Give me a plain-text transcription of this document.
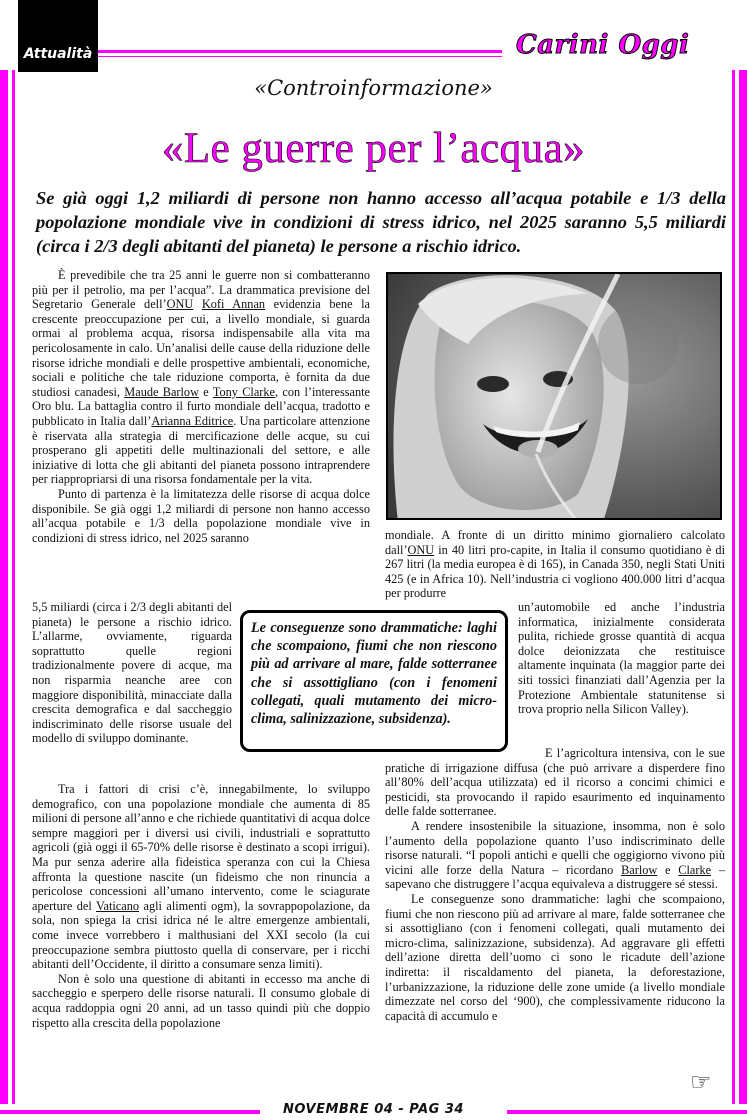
Attualità	Carini Oggi
«Controinformazione»
«Le guerre per l’acqua»
Se già oggi 1,2 miliardi di persone non hanno accesso all’acqua potabile e 1/3 della popolazione mondiale vive in condizioni di stress idrico, nel 2025 saranno 5,5 miliardi (circa i 2/3 degli abitanti del pianeta) le persone a rischio idrico.

È prevedibile che tra 25 anni le guerre non si combatteranno più per il petrolio, ma per l’acqua”. La drammatica previsione del Segretario Generale dell’ONU Kofi Annan evidenzia bene la crescente preoccupazione per cui, a livello mondiale, si guarda ormai al problema acqua, risorsa indispensabile alla vita ma pericolosamente in calo. Un’analisi delle cause della riduzione delle risorse idriche mondiali e delle prospettive ambientali, economiche, sociali e politiche che tale riduzione comporta, è fornita da due studiosi canadesi, Maude Barlow e Tony Clarke, con l’interessante Oro blu. La battaglia contro il furto mondiale dell’acqua, tradotto e pubblicato in Italia dall’Arianna Editrice. Una particolare attenzione è riservata alla strategia di mercificazione delle acque, su cui prosperano gli appetiti delle multinazionali del settore, e alle iniziative di lotta che gli abitanti del pianeta possono intraprendere per riappropriarsi di una risorsa fondamentale per la vita.

Punto di partenza è la limitatezza delle risorse di acqua dolce disponibile. Se già oggi 1,2 miliardi di persone non hanno accesso all’acqua potabile e 1/3 della popolazione mondiale vive in condizioni di stress idrico, nel 2025 saranno

5,5 miliardi (circa i 2/3 degli abitanti del pianeta) le persone a rischio idrico. L’allarme, ovviamente, riguarda soprattutto quelle regioni tradizionalmente povere di acque, ma non risparmia neanche aree con maggiore disponibilità, minacciate dalla crescita demografica e dal saccheggio indiscriminato delle risorse usuale del modello di sviluppo dominante.

Tra i fattori di crisi c’è, innegabilmente, lo sviluppo demografico, con una popolazione mondiale che aumenta di 85 milioni di persone all’anno e che richiede quantitativi di acqua dolce sempre maggiori per i diversi usi civili, industriali e soprattutto agricoli (già oggi il 65-70% delle risorse è destinato a scopi irrigui). Ma pur senza aderire alla fideistica speranza con cui la Chiesa affronta la questione nascite (un fideismo che non rinuncia a pericolose concessioni all’umano intervento, come le sciagurate aperture del Vaticano agli alimenti ogm), la sovrappopolazione, da sola, non spiega la crisi idrica né le altre emergenze ambientali, come invece vorrebbero i malthusiani del XXI secolo (la cui preoccupazione sembra piuttosto quella di conservare, per i ricchi abitanti dell’Occidente, il diritto a consumare senza limiti).

Non è solo una questione di abitanti in eccesso ma anche di saccheggio e sperpero delle risorse naturali. Il consumo globale di acqua raddoppia ogni 20 anni, ad un tasso quindi più che doppio rispetto alla crescita della popolazione

mondiale. A fronte di un diritto minimo giornaliero calcolato dall’ONU in 40 litri pro-capite, in Italia il consumo quotidiano è di 267 litri (la media europea è di 165), in Canada 350, negli Stati Uniti 425 (e in Africa 10). Nell’industria ci vogliono 400.000 litri d’acqua per produrre
un’automobile ed anche l’industria informatica, inizialmente considerata pulita, richiede grosse quantità di acqua dolce deionizzata che restituisce altamente inquinata (la maggior parte dei siti tossici finanziati dall’Agenzia per la Protezione Ambientale statunitense si trova proprio nella Silicon Valley).

E l’agricoltura intensiva, con le sue pratiche di irrigazione diffusa (che può arrivare a disperdere fino all’80% dell’acqua utilizzata) ed il ricorso a concimi chimici e pesticidi, sta provocando il rapido esaurimento ed inquinamento delle falde sotterranee.

A rendere insostenibile la situazione, insomma, non è solo l’aumento della popolazione quanto l’uso indiscriminato delle risorse naturali. “I popoli antichi e quelli che oggigiorno vivono più vicini alle forze della Natura – ricordano Barlow e Clarke – sapevano che distruggere l’acqua equivaleva a distruggere sé stessi.

Le conseguenze sono drammatiche: laghi che scompaiono, fiumi che non riescono più ad arrivare al mare, falde sotterranee che si assottigliano (con i fenomeni collegati, quali mutamento dei micro-clima, salinizzazione, subsidenza). Ad aggravare gli effetti dell’azione diretta dell’uomo ci sono le ricadute dell’azione indiretta: il riscaldamento del pianeta, la deforestazione, l’urbanizzazione, la riduzione delle zone umide (a livello mondiale dimezzate nel corso del ‘900), che complessivamente riducono la capacità di accumulo e

Le conseguenze sono drammatiche: laghi che scompaiono, fiumi che non riescono più ad arrivare al mare, falde sotterranee che si assottigliano (con i fenomeni collegati, quali mutamento dei micro-clima, salinizzazione, subsidenza).
☞
NOVEMBRE 04 - PAG 34
